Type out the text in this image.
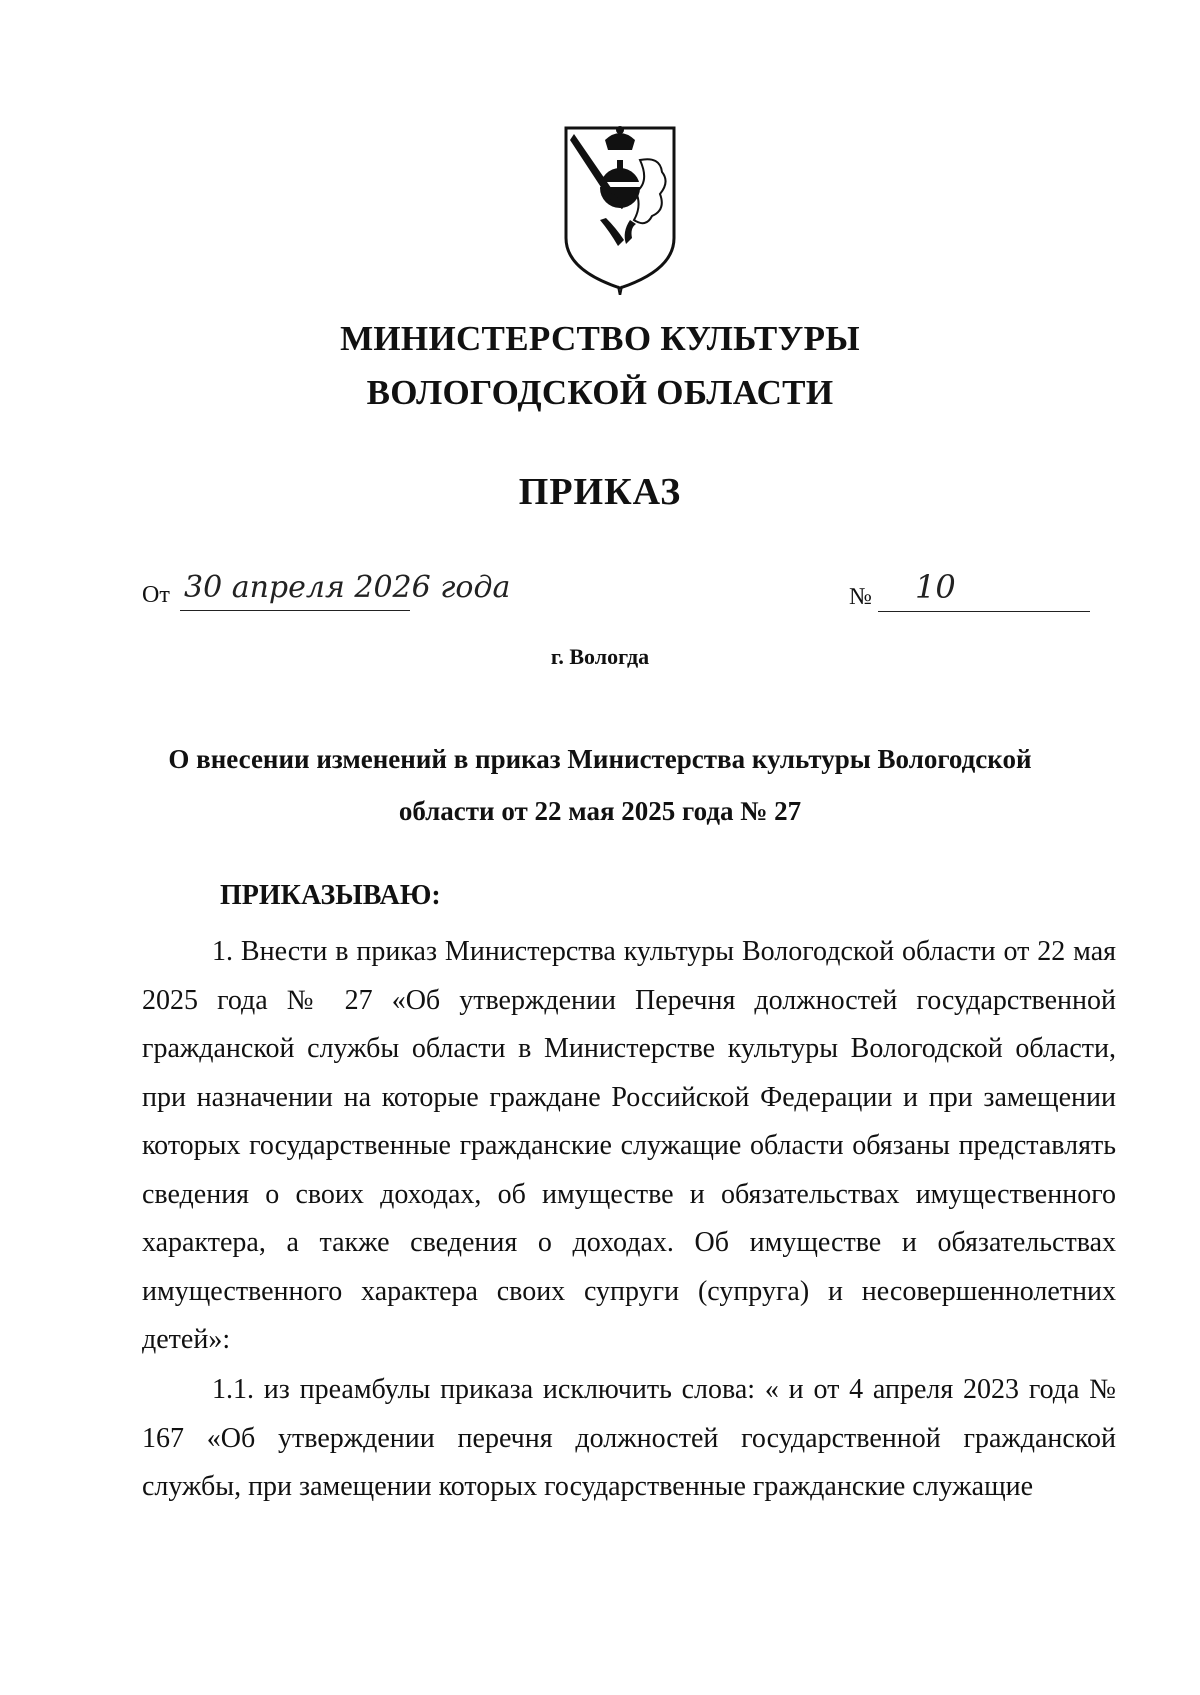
МИНИСТЕРСТВО КУЛЬТУРЫ
ВОЛОГОДСКОЙ ОБЛАСТИ
ПРИКАЗ
От 30 апреля 2026 года	№ 10
г. Вологда
О внесении изменений в приказ Министерства культуры Вологодской
области от 22 мая 2025 года № 27
ПРИКАЗЫВАЮ:
1. Внести в приказ Министерства культуры Вологодской области от 22 мая 2025 года № 27 «Об утверждении Перечня должностей государственной гражданской службы области в Министерстве культуры Вологодской области, при назначении на которые граждане Российской Федерации и при замещении которых государственные гражданские служащие области обязаны представлять сведения о своих доходах, об имуществе и обязательствах имущественного характера, а также сведения о доходах. Об имуществе и обязательствах имущественного характера своих супруги (супруга) и несовершеннолетних детей»:
1.1. из преамбулы приказа исключить слова: « и от 4 апреля 2023 года № 167 «Об утверждении перечня должностей государственной гражданской службы, при замещении которых государственные гражданские служащие
